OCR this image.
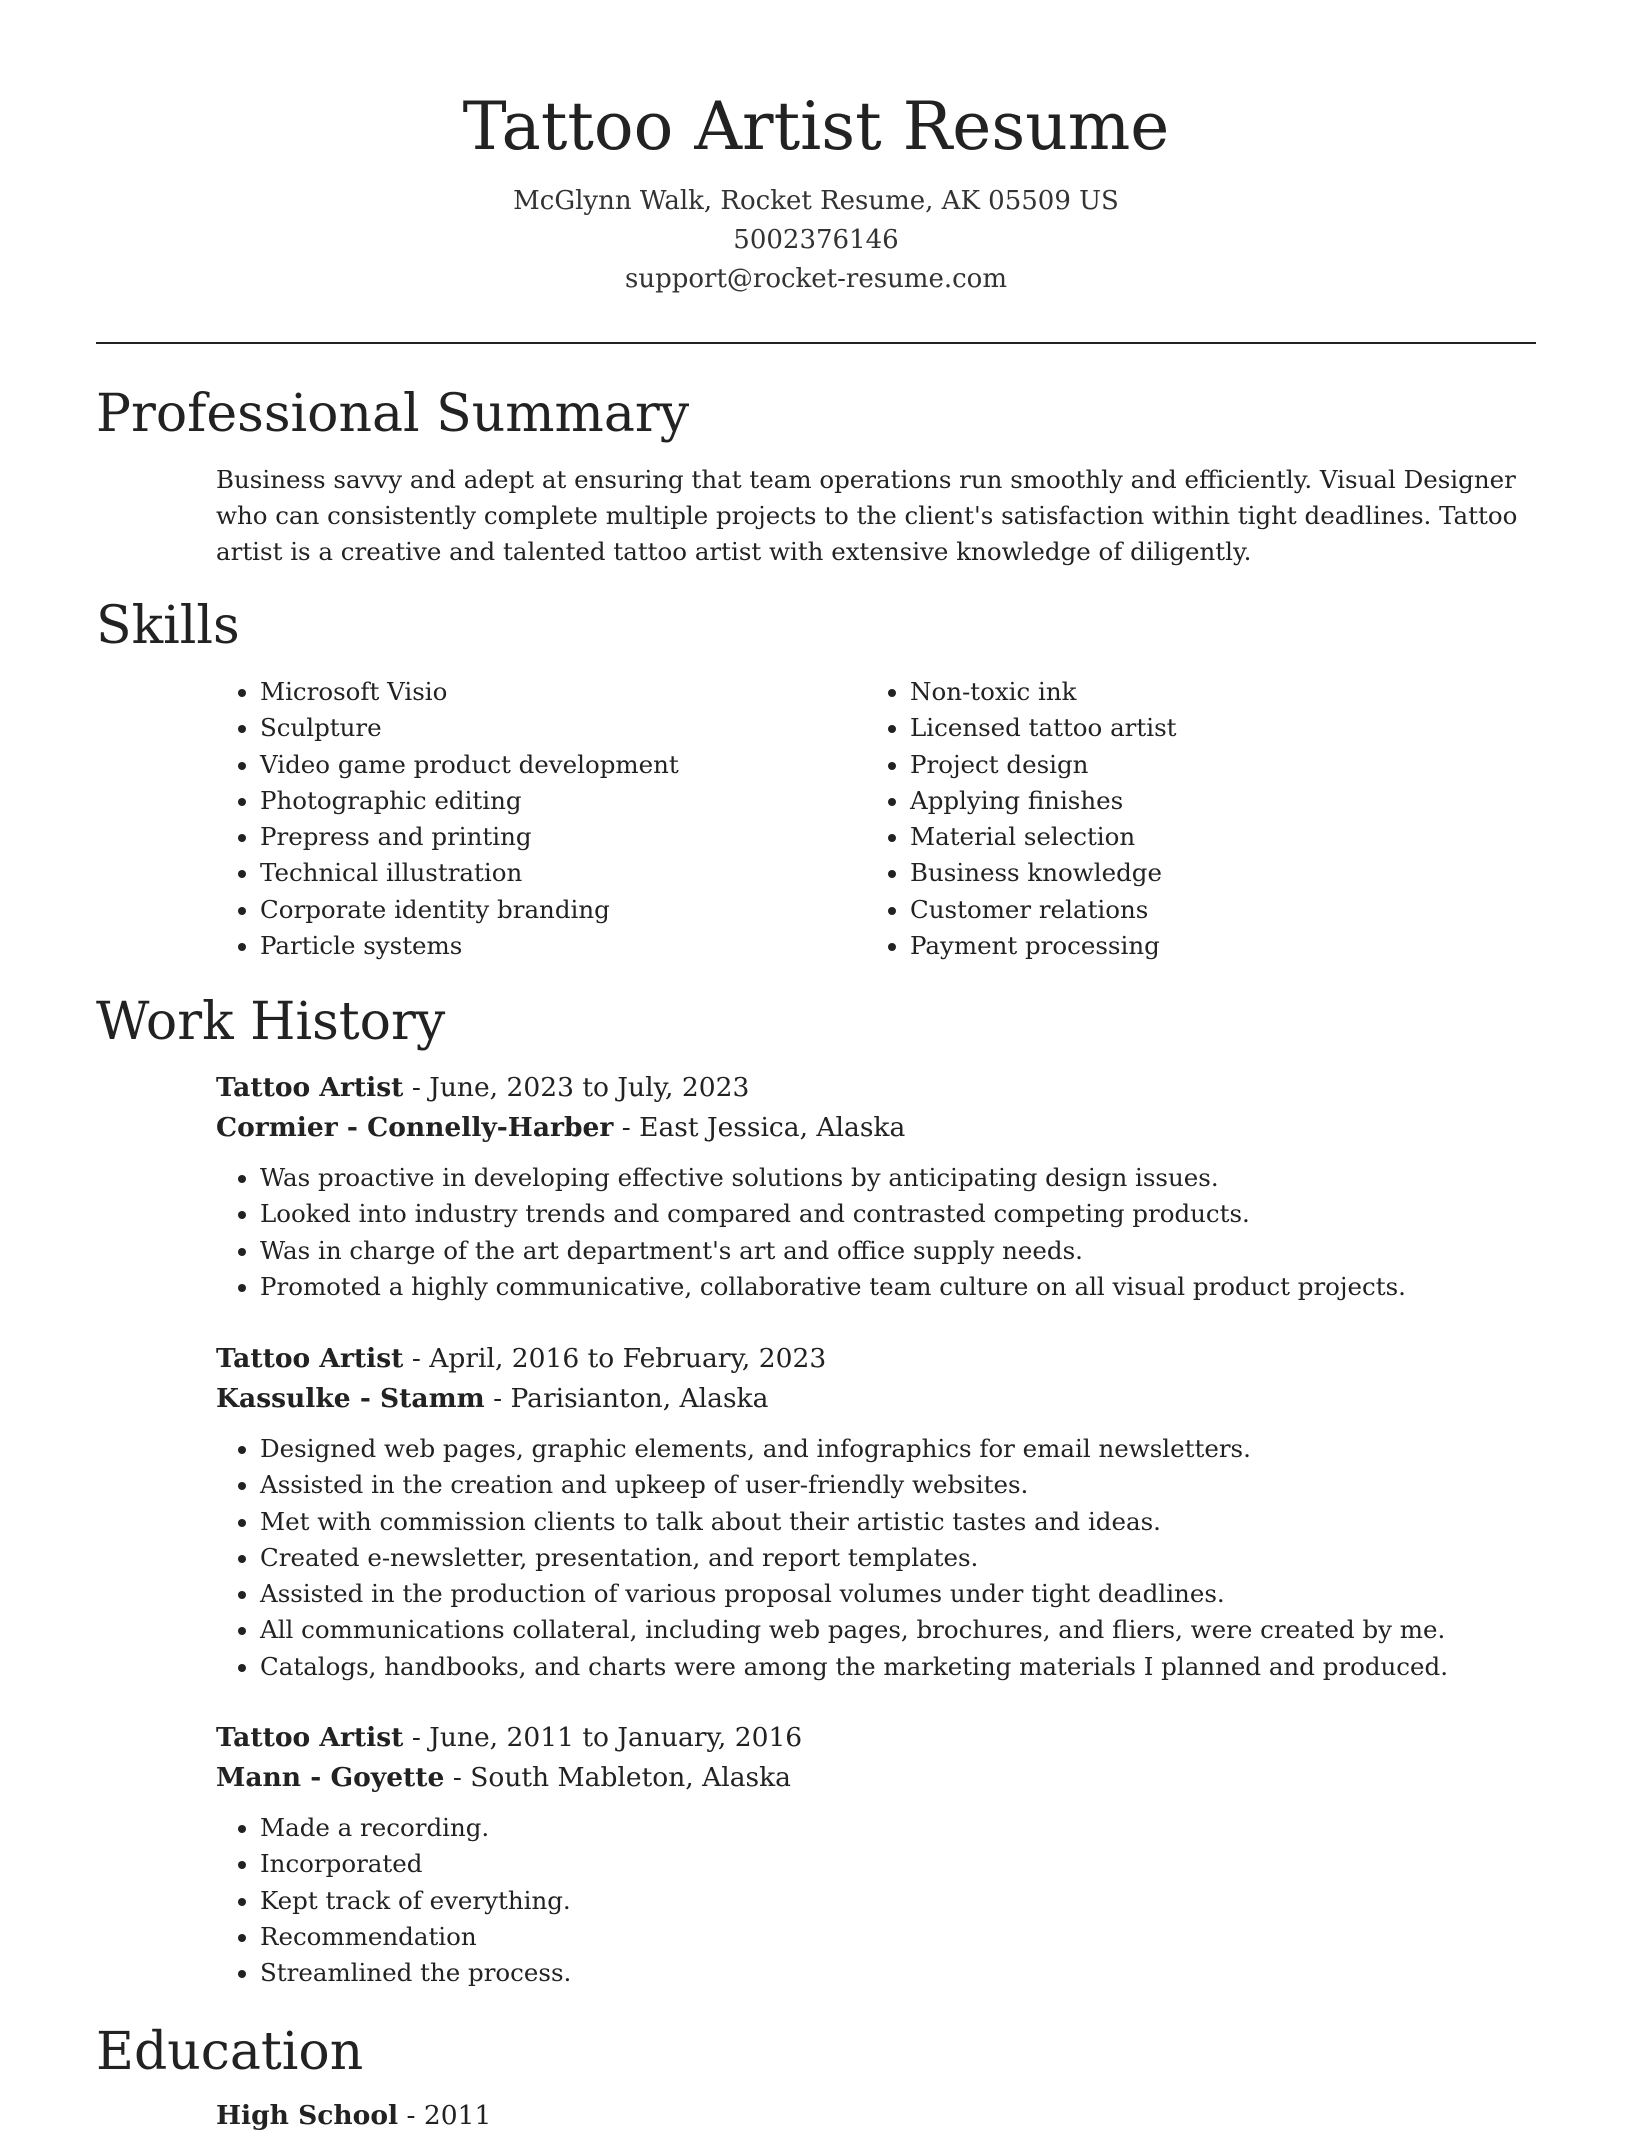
Tattoo Artist Resume
McGlynn Walk, Rocket Resume, AK 05509 US
5002376146
support@rocket-resume.com
Professional Summary

Business savvy and adept at ensuring that team operations run smoothly and efficiently. Visual Designer who can consistently complete multiple projects to the client's satisfaction within tight deadlines. Tattoo artist is a creative and talented tattoo artist with extensive knowledge of diligently.

Skills
• Microsoft Visio
• Sculpture
• Video game product development
• Photographic editing
• Prepress and printing
• Technical illustration
• Corporate identity branding
• Particle systems
• Non-toxic ink
• Licensed tattoo artist
• Project design
• Applying finishes
• Material selection
• Business knowledge
• Customer relations
• Payment processing
Work History
Tattoo Artist - June, 2023 to July, 2023
Cormier - Connelly-Harber - East Jessica, Alaska
• Was proactive in developing effective solutions by anticipating design issues.
• Looked into industry trends and compared and contrasted competing products.
• Was in charge of the art department's art and office supply needs.
• Promoted a highly communicative, collaborative team culture on all visual product projects.
Tattoo Artist - April, 2016 to February, 2023
Kassulke - Stamm - Parisianton, Alaska
• Designed web pages, graphic elements, and infographics for email newsletters.
• Assisted in the creation and upkeep of user-friendly websites.
• Met with commission clients to talk about their artistic tastes and ideas.
• Created e-newsletter, presentation, and report templates.
• Assisted in the production of various proposal volumes under tight deadlines.
• All communications collateral, including web pages, brochures, and fliers, were created by me.
• Catalogs, handbooks, and charts were among the marketing materials I planned and produced.
Tattoo Artist - June, 2011 to January, 2016
Mann - Goyette - South Mableton, Alaska
• Made a recording.
• Incorporated
• Kept track of everything.
• Recommendation
• Streamlined the process.
Education
High School - 2011
